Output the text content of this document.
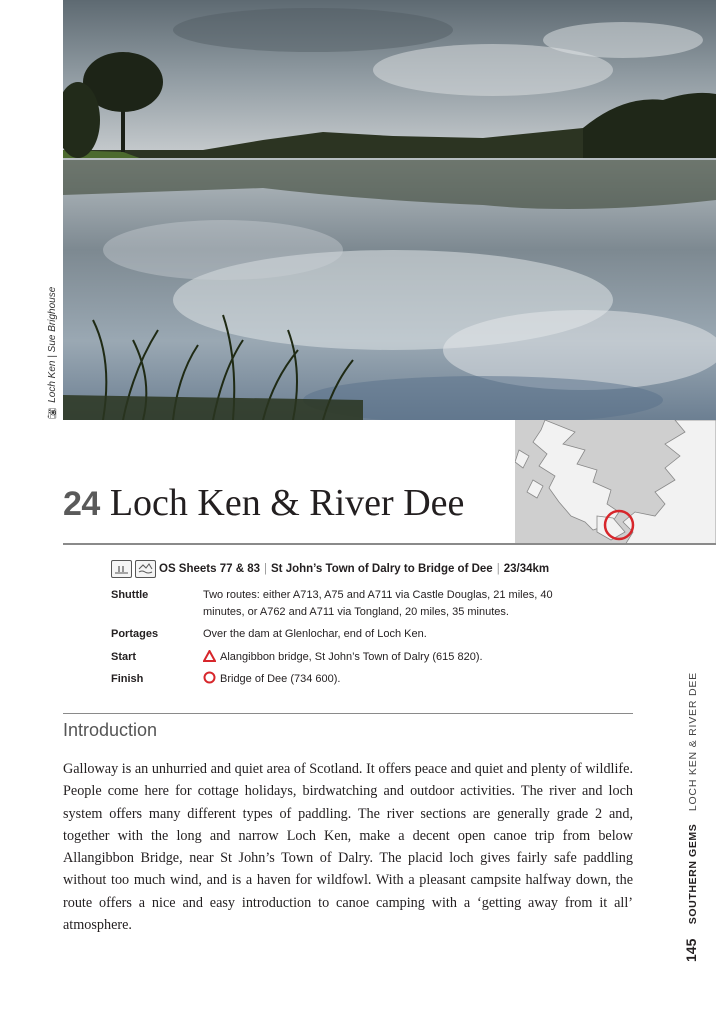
📷︎ Loch Ken | Sue Brighouse
24 Loch Ken & River Dee
OS Sheets 77 & 83 | St John’s Town of Dalry to Bridge of Dee | 23/34km
Shuttle	Two routes: either A713, A75 and A711 via Castle Douglas, 21 miles, 40 minutes, or A762 and A711 via Tongland, 20 miles, 35 minutes.
Portages	Over the dam at Glenlochar, end of Loch Ken.
Start	Alangibbon bridge, St John’s Town of Dalry (615 820).
Finish	Bridge of Dee (734 600).
Introduction
Galloway is an unhurried and quiet area of Scotland. It offers peace and quiet and plenty of wildlife. People come here for cottage holidays, birdwatching and outdoor activities. The river and loch system offers many different types of paddling. The river sections are generally grade 2 and, together with the long and narrow Loch Ken, make a decent open canoe trip from below Allangibbon Bridge, near St John’s Town of Dalry. The placid loch gives fairly safe paddling without too much wind, and is a haven for wildfowl. With a pleasant campsite halfway down, the route offers a nice and easy introduction to canoe camping with a ‘getting away from it all’ atmosphere.
145 SOUTHERN GEMS LOCH KEN & RIVER DEE
